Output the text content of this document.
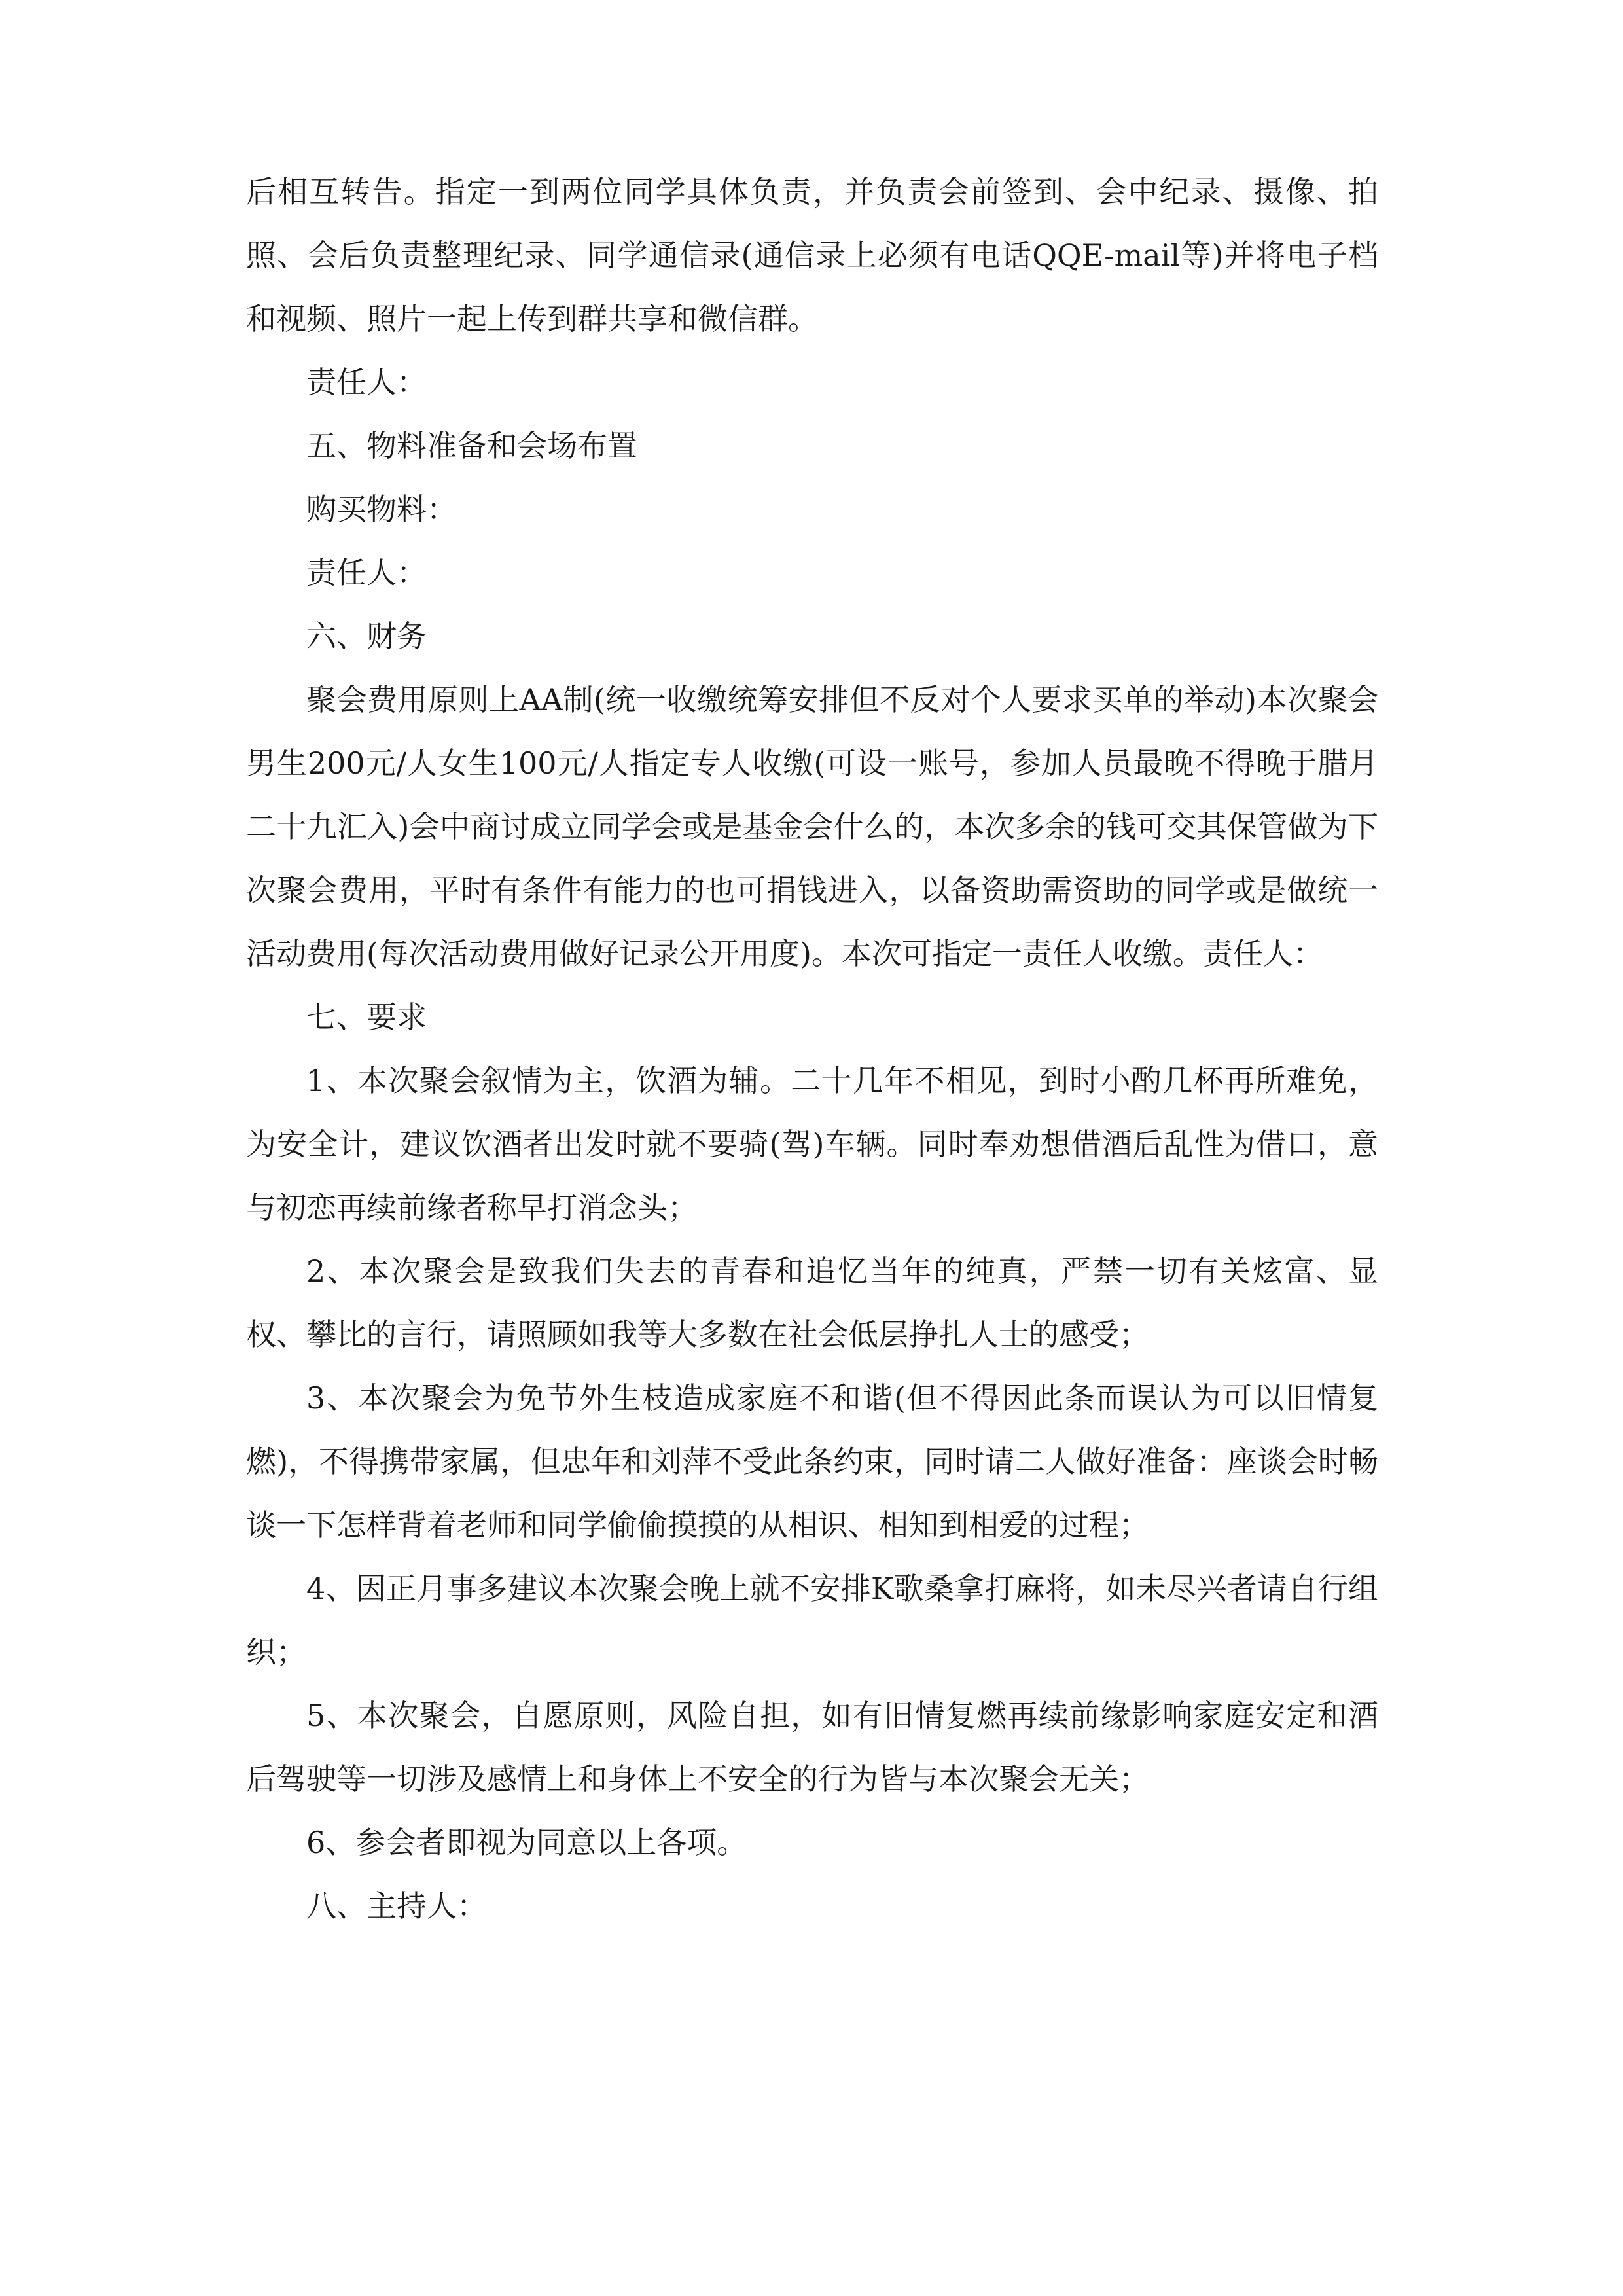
后相互转告。指定一到两位同学具体负责，并负责会前签到、会中纪录、摄像、拍照、会后负责整理纪录、同学通信录(通信录上必须有电话QQE-mail等)并将电子档和视频、照片一起上传到群共享和微信群。

责任人：

五、物料准备和会场布置

购买物料：

责任人：

六、财务

聚会费用原则上AA制(统一收缴统筹安排但不反对个人要求买单的举动)本次聚会男生200元/人女生100元/人指定专人收缴(可设一账号，参加人员最晚不得晚于腊月二十九汇入)会中商讨成立同学会或是基金会什么的，本次多余的钱可交其保管做为下次聚会费用，平时有条件有能力的也可捐钱进入，以备资助需资助的同学或是做统一活动费用(每次活动费用做好记录公开用度)。本次可指定一责任人收缴。责任人：

七、要求

1、本次聚会叙情为主，饮酒为辅。二十几年不相见，到时小酌几杯再所难免，为安全计，建议饮酒者出发时就不要骑(驾)车辆。同时奉劝想借酒后乱性为借口，意与初恋再续前缘者称早打消念头；

2、本次聚会是致我们失去的青春和追忆当年的纯真，严禁一切有关炫富、显权、攀比的言行，请照顾如我等大多数在社会低层挣扎人士的感受；

3、本次聚会为免节外生枝造成家庭不和谐(但不得因此条而误认为可以旧情复燃)，不得携带家属，但忠年和刘萍不受此条约束，同时请二人做好准备：座谈会时畅谈一下怎样背着老师和同学偷偷摸摸的从相识、相知到相爱的过程；

4、因正月事多建议本次聚会晚上就不安排K歌桑拿打麻将，如未尽兴者请自行组织；

5、本次聚会，自愿原则，风险自担，如有旧情复燃再续前缘影响家庭安定和酒后驾驶等一切涉及感情上和身体上不安全的行为皆与本次聚会无关；

6、参会者即视为同意以上各项。

八、主持人：
